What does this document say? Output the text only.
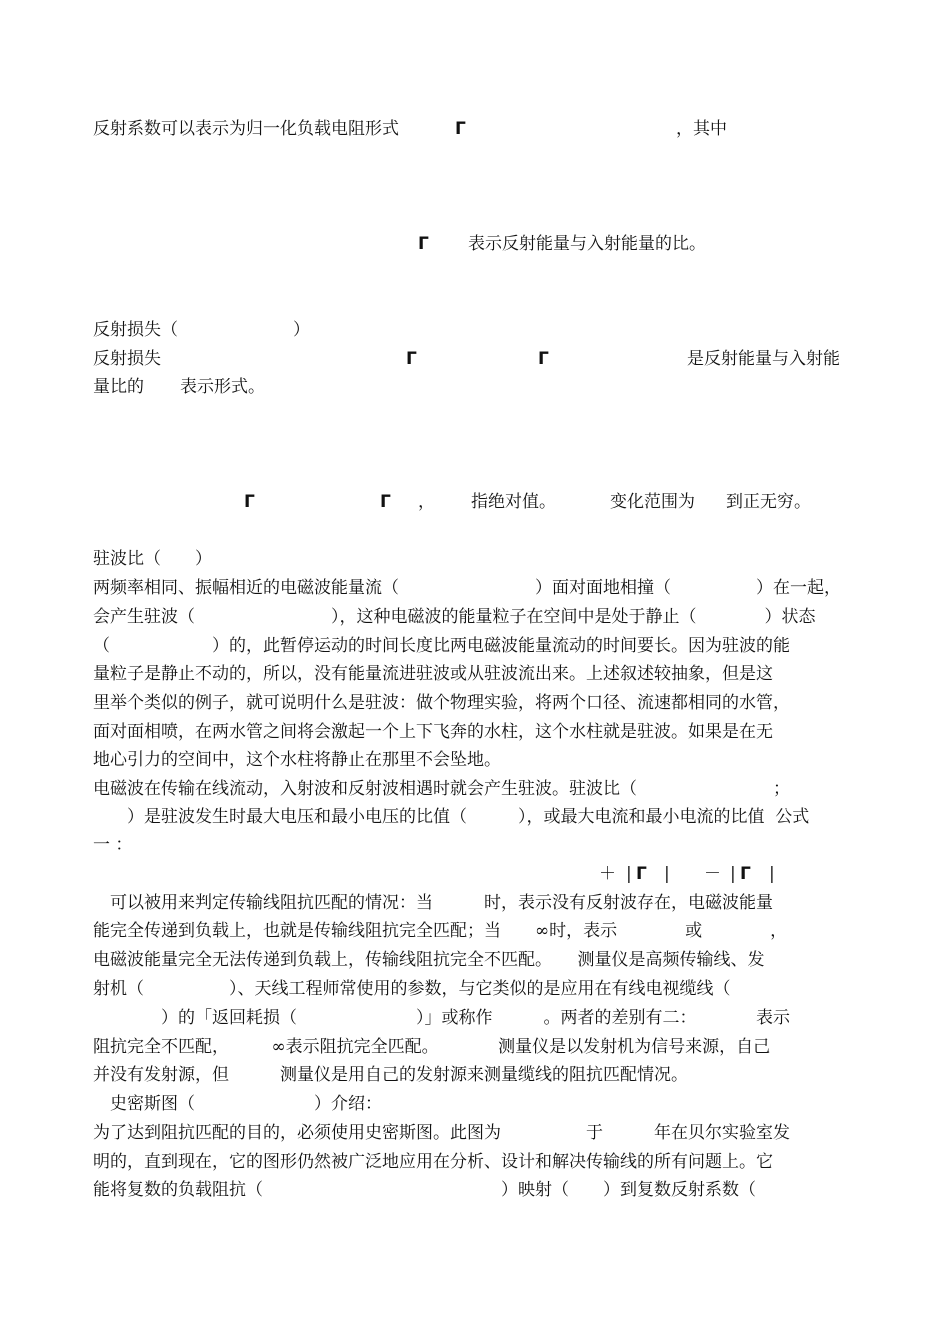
反射系数可以表示为归一化负载电阻形式	Γ	，其中
Γ 表示反射能量与入射能量的比。
反射损失（	）
反射损失	Γ	Γ	是反射能量与入射能
量比的 表示形式。
Γ	Γ ， 指绝对值。	变化范围为 到正无穷。
驻波比（　　）
两频率相同、振幅相近的电磁波能量流（　　　　　　　　）面对面地相撞（　　　　　）在一起，
会产生驻波（　　　　　　　　），这种电磁波的能量粒子在空间中是处于静止（　　　　）状态
（　　　　　　）的，此暂停运动的时间长度比两电磁波能量流动的时间要长。因为驻波的能
量粒子是静止不动的，所以，没有能量流进驻波或从驻波流出来。上述叙述较抽象，但是这
里举个类似的例子，就可说明什么是驻波：做个物理实验，将两个口径、流速都相同的水管，
面对面相喷，在两水管之间将会激起一个上下飞奔的水柱，这个水柱就是驻波。如果是在无
地心引力的空间中，这个水柱将静止在那里不会坠地。
电磁波在传输在线流动，入射波和反射波相遇时就会产生驻波。驻波比（　　　　　　　　；
　　）是驻波发生时最大电压和最小电压的比值（　　　），或最大电流和最小电流的比值  公式
一 ：
＋ | Γ | － | Γ |
　可以被用来判定传输线阻抗匹配的情况：当　　　时，表示没有反射波存在，电磁波能量
能完全传递到负载上，也就是传输线阻抗完全匹配；当　　∞时，表示　　　　或　　　　，
电磁波能量完全无法传递到负载上，传输线阻抗完全不匹配。　　测量仪是高频传输线、发
射机（　　　　　）、天线工程师常使用的参数，与它类似的是应用在有线电视缆线（　　　
　　　　）的「返回耗损（　　　　　　　）」或称作　　　。两者的差别有二：　　　　表示
阻抗完全不匹配，　　　∞表示阻抗完全匹配。　　　　测量仪是以发射机为信号来源，自己
并没有发射源，但　　　测量仪是用自己的发射源来测量缆线的阻抗匹配情况。
　史密斯图（　　　　　　　）介绍：
为了达到阻抗匹配的目的，必须使用史密斯图。此图为　　　　　于　　　年在贝尔实验室发
明的，直到现在，它的图形仍然被广泛地应用在分析、设计和解决传输线的所有问题上。它
能将复数的负载阻抗（　　　　　　　　　　　　　　）映射（　　）到复数反射系数（
